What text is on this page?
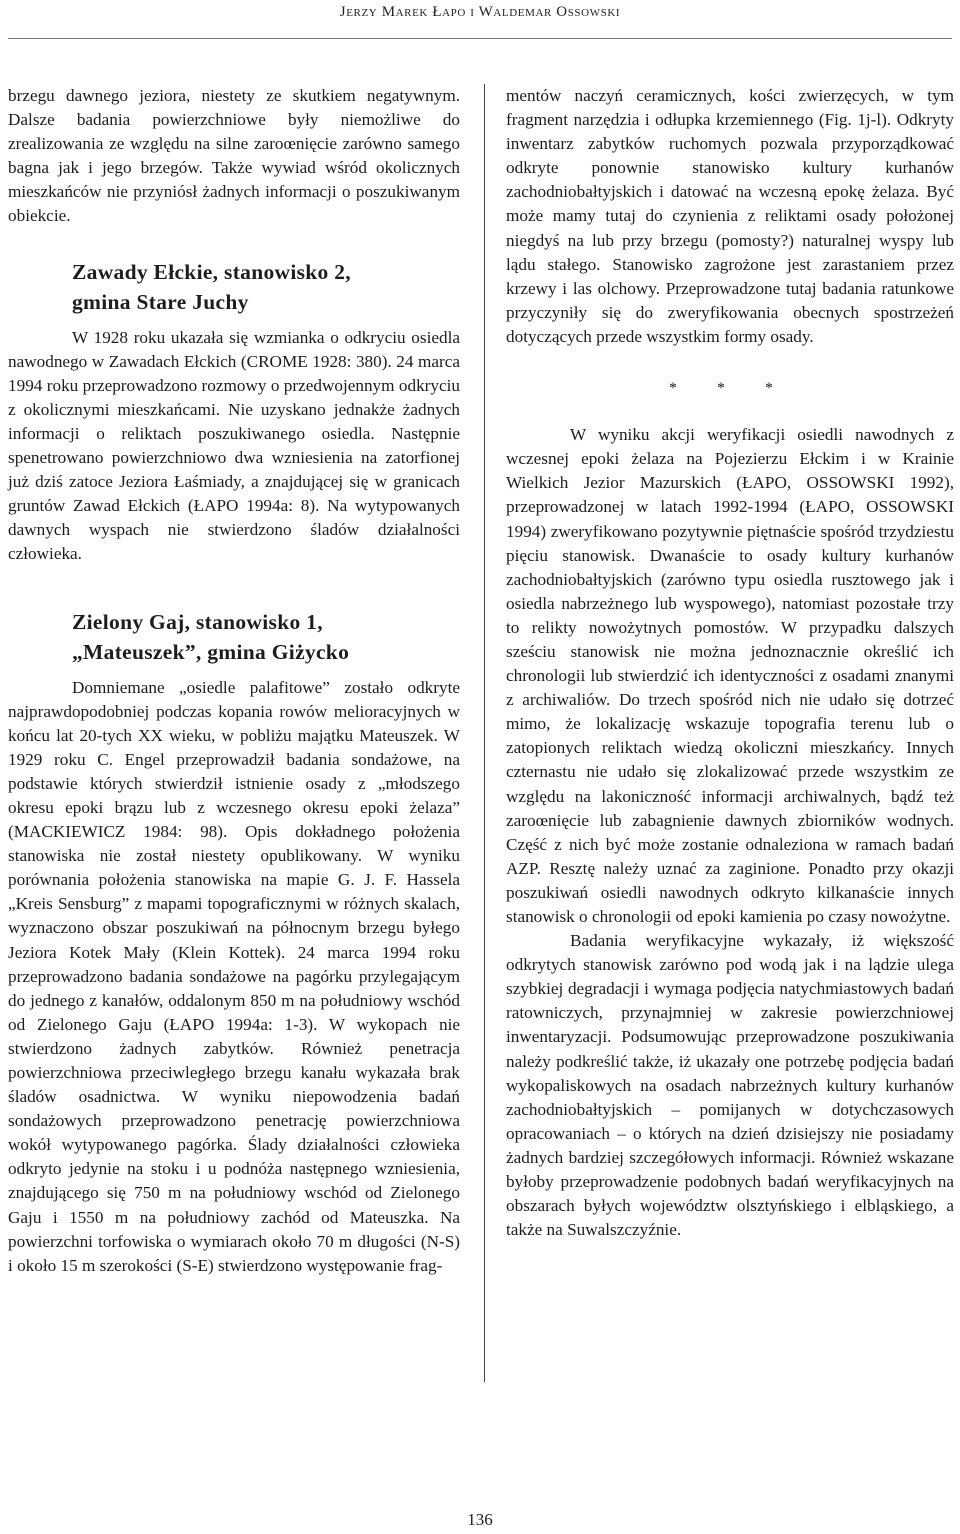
Jerzy Marek Łapo i Waldemar Ossowski

brzegu dawnego jeziora, niestety ze skutkiem negatywnym. Dalsze badania powierzchniowe były niemożliwe do zrealizowania ze względu na silne zaroœnięcie zarówno samego bagna jak i jego brzegów. Także wywiad wśród okolicznych mieszkańców nie przyniósł żadnych informacji o poszukiwanym obiekcie.

Zawady Ełckie, stanowisko 2,
gmina Stare Juchy

W 1928 roku ukazała się wzmianka o odkryciu osiedla nawodnego w Zawadach Ełckich (CROME 1928: 380). 24 marca 1994 roku przeprowadzono rozmowy o przedwojennym odkryciu z okolicznymi mieszkańcami. Nie uzyskano jednakże żadnych informacji o reliktach poszukiwanego osiedla. Następnie spenetrowano powierzchniowo dwa wzniesienia na zatorfionej już dziś zatoce Jeziora Łaśmiady, a znajdującej się w granicach gruntów Zawad Ełckich (ŁAPO 1994a: 8). Na wytypowanych dawnych wyspach nie stwierdzono śladów działalności człowieka.

Zielony Gaj, stanowisko 1,
„Mateuszek”, gmina Giżycko

Domniemane „osiedle palafitowe” zostało odkryte najprawdopodobniej podczas kopania rowów melioracyjnych w końcu lat 20-tych XX wieku, w pobliżu majątku Mateuszek. W 1929 roku C. Engel przeprowadził badania sondażowe, na podstawie których stwierdził istnienie osady z „młodszego okresu epoki brązu lub z wczesnego okresu epoki żelaza” (MACKIEWICZ 1984: 98). Opis dokładnego położenia stanowiska nie został niestety opublikowany. W wyniku porównania położenia stanowiska na mapie G. J. F. Hassela „Kreis Sensburg” z mapami topograficznymi w różnych skalach, wyznaczono obszar poszukiwań na północnym brzegu byłego Jeziora Kotek Mały (Klein Kottek). 24 marca 1994 roku przeprowadzono badania sondażowe na pagórku przylegającym do jednego z kanałów, oddalonym 850 m na południowy wschód od Zielonego Gaju (ŁAPO 1994a: 1-3). W wykopach nie stwierdzono żadnych zabytków. Również penetracja powierzchniowa przeciwległego brzegu kanału wykazała brak śladów osadnictwa. W wyniku niepowodzenia badań sondażowych przeprowadzono penetrację powierzchniowa wokół wytypowanego pagórka. Ślady działalności człowieka odkryto jedynie na stoku i u podnóża następnego wzniesienia, znajdującego się 750 m na południowy wschód od Zielonego Gaju i 1550 m na południowy zachód od Mateuszka. Na powierzchni torfowiska o wymiarach około 70 m długości (N-S) i około 15 m szerokości (S-E) stwierdzono występowanie frag-

mentów naczyń ceramicznych, kości zwierzęcych, w tym fragment narzędzia i odłupka krzemiennego (Fig. 1j-l). Odkryty inwentarz zabytków ruchomych pozwala przyporządkować odkryte ponownie stanowisko kultury kurhanów zachodniobałtyjskich i datować na wczesną epokę żelaza. Być może mamy tutaj do czynienia z reliktami osady położonej niegdyś na lub przy brzegu (pomosty?) naturalnej wyspy lub lądu stałego. Stanowisko zagrożone jest zarastaniem przez krzewy i las olchowy. Przeprowadzone tutaj badania ratunkowe przyczyniły się do zweryfikowania obecnych spostrzeżeń dotyczących przede wszystkim formy osady.

* * *

W wyniku akcji weryfikacji osiedli nawodnych z wczesnej epoki żelaza na Pojezierzu Ełckim i w Krainie Wielkich Jezior Mazurskich (ŁAPO, OSSOWSKI 1992), przeprowadzonej w latach 1992-1994 (ŁAPO, OSSOWSKI 1994) zweryfikowano pozytywnie piętnaście spośród trzydziestu pięciu stanowisk. Dwanaście to osady kultury kurhanów zachodniobałtyjskich (zarówno typu osiedla rusztowego jak i osiedla nabrzeżnego lub wyspowego), natomiast pozostałe trzy to relikty nowożytnych pomostów. W przypadku dalszych sześciu stanowisk nie można jednoznacznie określić ich chronologii lub stwierdzić ich identyczności z osadami znanymi z archiwaliów. Do trzech spośród nich nie udało się dotrzeć mimo, że lokalizację wskazuje topografia terenu lub o zatopionych reliktach wiedzą okoliczni mieszkańcy. Innych czternastu nie udało się zlokalizować przede wszystkim ze względu na lakoniczność informacji archiwalnych, bądź też zaroœnięcie lub zabagnienie dawnych zbiorników wodnych. Część z nich być może zostanie odnaleziona w ramach badań AZP. Resztę należy uznać za zaginione. Ponadto przy okazji poszukiwań osiedli nawodnych odkryto kilkanaście innych stanowisk o chronologii od epoki kamienia po czasy nowożytne.

Badania weryfikacyjne wykazały, iż większość odkrytych stanowisk zarówno pod wodą jak i na lądzie ulega szybkiej degradacji i wymaga podjęcia natychmiastowych badań ratowniczych, przynajmniej w zakresie powierzchniowej inwentaryzacji. Podsumowując przeprowadzone poszukiwania należy podkreślić także, iż ukazały one potrzebę podjęcia badań wykopaliskowych na osadach nabrzeżnych kultury kurhanów zachodniobałtyjskich – pomijanych w dotychczasowych opracowaniach – o których na dzień dzisiejszy nie posiadamy żadnych bardziej szczegółowych informacji. Również wskazane byłoby przeprowadzenie podobnych badań weryfikacyjnych na obszarach byłych województw olsztyńskiego i elbląskiego, a także na Suwalszczyźnie.

136
